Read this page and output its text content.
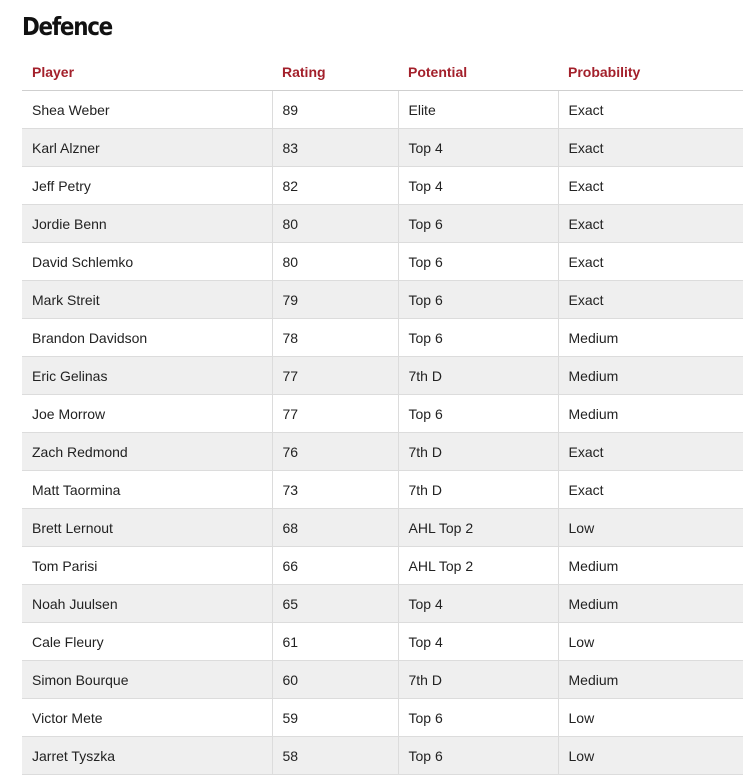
Defence
Player	Rating	Potential	Probability
Shea Weber	89	Elite	Exact
Karl Alzner	83	Top 4	Exact
Jeff Petry	82	Top 4	Exact
Jordie Benn	80	Top 6	Exact
David Schlemko	80	Top 6	Exact
Mark Streit	79	Top 6	Exact
Brandon Davidson	78	Top 6	Medium
Eric Gelinas	77	7th D	Medium
Joe Morrow	77	Top 6	Medium
Zach Redmond	76	7th D	Exact
Matt Taormina	73	7th D	Exact
Brett Lernout	68	AHL Top 2	Low
Tom Parisi	66	AHL Top 2	Medium
Noah Juulsen	65	Top 4	Medium
Cale Fleury	61	Top 4	Low
Simon Bourque	60	7th D	Medium
Victor Mete	59	Top 6	Low
Jarret Tyszka	58	Top 6	Low
